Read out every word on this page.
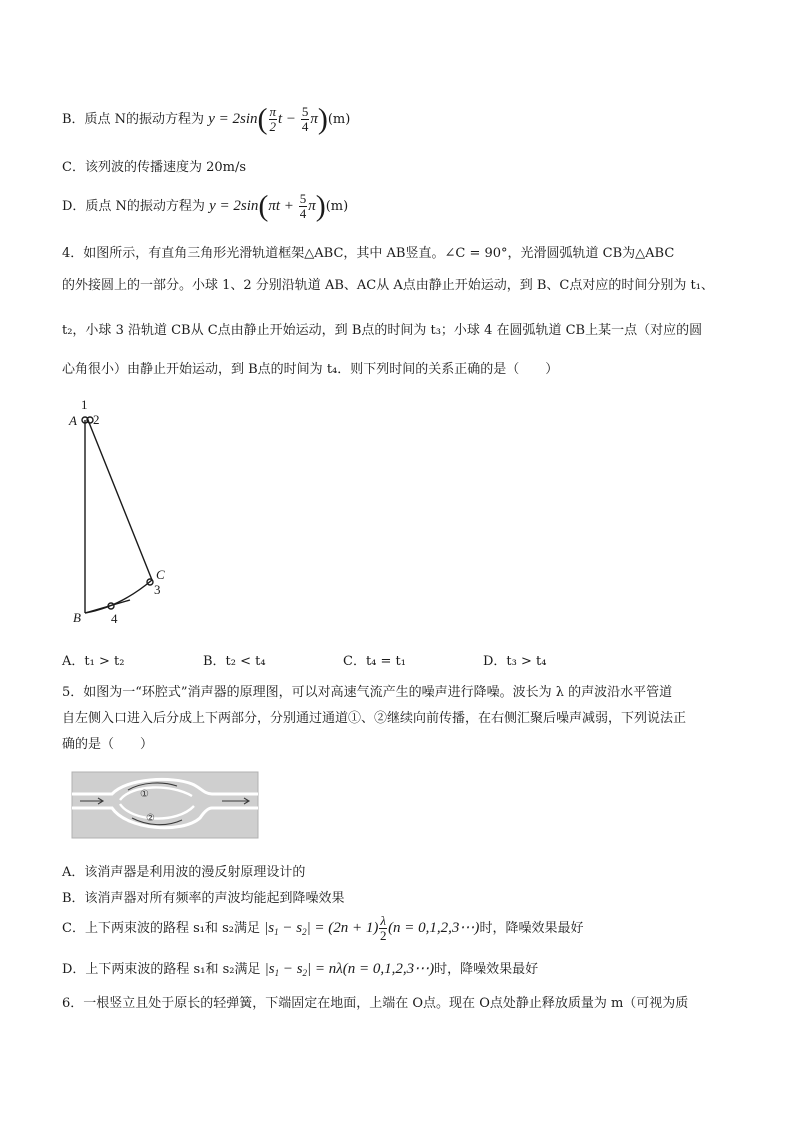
B．质点 N的振动方程为 $y = 2\sin( \frac{\pi}{2}$ $t - \frac{5}{4} \pi)(m)$
C．该列波的传播速度为 20m/s
D．质点 N的振动方程为 $y = 2\sin(\pi t + \frac{5}{4} \pi)(m)$
4．如图所示，有直角三角形光滑轨道框架△ABC，其中 AB竖直。∠C = 90°，光滑圆弧轨道 CB为△ABC
的外接圆上的一部分。小球 1、2 分别沿轨道 AB、AC从 A点由静止开始运动，到 B、C点对应的时间分别为 t₁、
t₂，小球 3 沿轨道 CB从 C点由静止开始运动，到 B点的时间为 t₃；小球 4 在圆弧轨道 CB上某一点（对应的圆
心角很小）由静止开始运动，到 B点的时间为 t₄．则下列时间的关系正确的是（　　）
A
1
2
C
3
B 4
A．t₁ > t₂	B．t₂ < t₄	C．t₄ = t₁	D．t₃ > t₄
5．如图为一“环腔式”消声器的原理图，可以对高速气流产生的噪声进行降噪。波长为 λ 的声波沿水平管道
自左侧入口进入后分成上下两部分，分别通过通道①、②继续向前传播，在右侧汇聚后噪声减弱，下列说法正
确的是（　　）
①
②
A．该消声器是利用波的漫反射原理设计的
B．该消声器对所有频率的声波均能起到降噪效果
C．上下两束波的路程 s₁和 s₂满足 $|s_1 - s_2| = (2n + 1) \frac{\lambda}{2} (n$ = 0,1,2,3⋯)时，降噪效果最好
D．上下两束波的路程 s₁和 s₂满足 $|s_1 - s_2| = n\lambda(n$ = 0,1,2,3⋯)时，降噪效果最好
6．一根竖立且处于原长的轻弹簧，下端固定在地面，上端在 O点。现在 O点处静止释放质量为 m（可视为质
